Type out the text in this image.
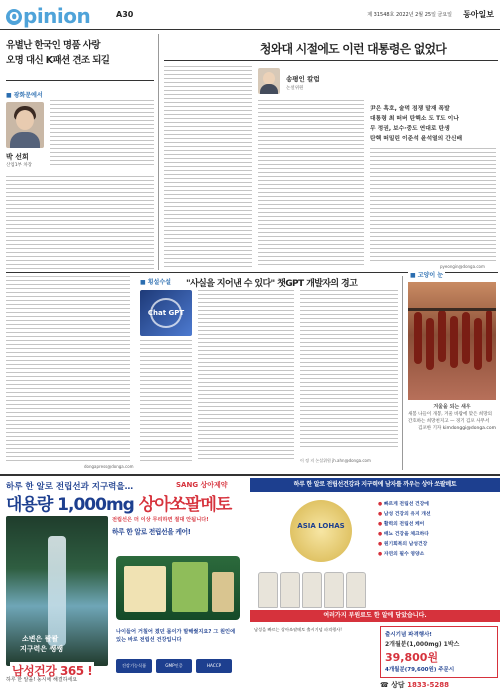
O pinion	A30	제 31548호 2022년 2월 25일 금요일 동아일보
유별난 한국인 명품 사랑
오명 대신 K패션 견조 되길
■ 광화문에서
박 선희
산업1부 차장
청와대 시절에도 이런 대통령은 없었다
송평인 칼럼
논설위원
尹은 흑호, 술먹 점쟁 말재 폭발
대통령 최 떠버 탄핵소 도 T도 이나
무 정권, 보수·중도 연대로 탄생
탄핵 떠밀린 이준석 윤석열의 간신배
pyeongin@donga.com
dongapress@donga.com
■ 횡설수설 "사실을 지어낸 수 있다" 챗GPT 개발자의 경고
Chat GPT
이 정 지 논설위원 jh.ahn@donga.com
■ 고양이 눈
겨울을 되는 새우
새봄 나들이 개봉, 겨울 바람에 맞은 희망의 간호하는 희망천지고 — 경기 김포 사무서
김포한 기자 kimdonggi@donga.com
하루 한 알로 전립선과 지구력을…	SANG 상아제약
대용량 1,000mg 상아쏘팔메토
소변은 콸콸
지구력은 쌩쌩
남성건강 365 !
전립선은 더 이상 무리하면 절대 안됩니다!
하루 한 알로 전립선을 케어!
나이들어 거칠어 졌던 몸이가 말해줬지요? 그 원인에 있는 바로 전립선 건강입니다
건강기능식품	GMP인증	HACCP
하루 한 알을! 동시에 해결하세요
하루 한 알로 전립선건강과 지구력에 남자를 까우는 상아 쏘팔메토
ASIA LOHAS
● 빠르게 전립선 건강에
● 남성 건강의 유지 개선
● 활력의 전립선 케어
● 배뇨 건강을 체크하다
● 원기회복의 남성건강
● 자연의 필수 영양소
여러가지 부원료도 한 알에 담았습니다.
남성을 빠르는 상아쏘팔메토 출시기념 파격행사!
출시기념 파격행사!
2개월분(1,000mg) 1박스
39,800원
4개월분(79,600원) 주문시
☎ 상담 1833-5288
